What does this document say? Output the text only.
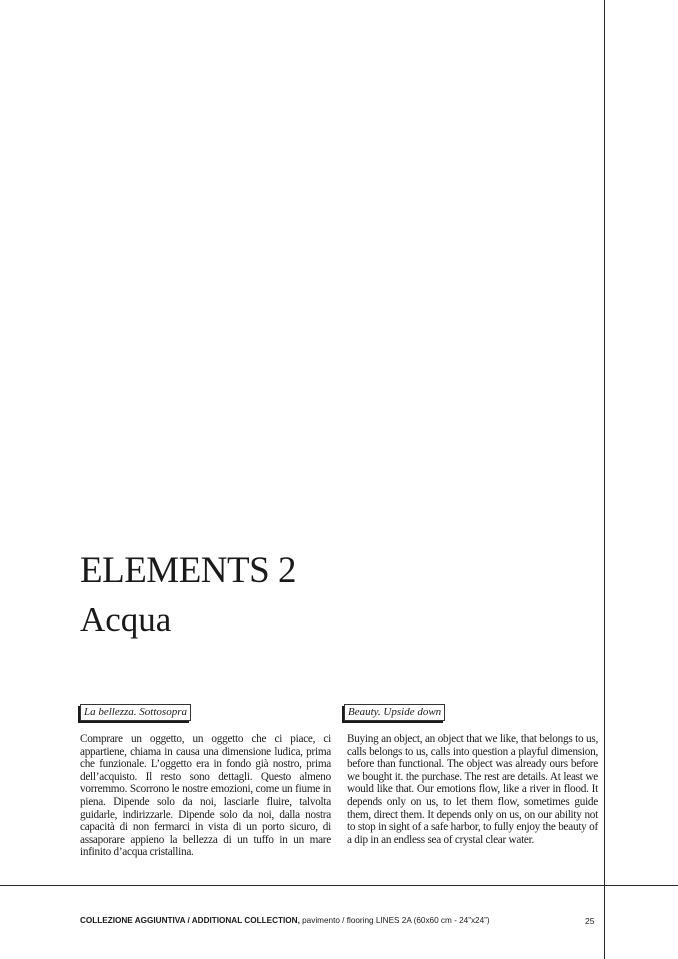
ELEMENTS 2
Acqua
La bellezza. Sottosopra	Beauty. Upside down

Comprare un oggetto, un oggetto che ci piace, ci appartiene, chiama in causa una dimensione ludica, prima che funzionale. L’oggetto era in fondo già nostro, prima dell’acquisto. Il resto sono dettagli. Questo almeno vorremmo. Scorrono le nostre emozioni, come un fiume in piena. Dipende solo da noi, lasciarle fluire, talvolta guidarle, indirizzarle. Dipende solo da noi, dalla nostra capacità di non fermarci in vista di un porto sicuro, di assaporare appieno la bellezza di un tuffo in un mare infinito d’acqua cristallina.

Buying an object, an object that we like, that belongs to us, calls belongs to us, calls into question a playful dimension, before than functional. The object was already ours before we bought it. the purchase. The rest are details. At least we would like that. Our emotions flow, like a river in flood. It depends only on us, to let them flow, sometimes guide them, direct them. It depends only on us, on our ability not to stop in sight of a safe harbor, to fully enjoy the beauty of a dip in an endless sea of crystal clear water.

COLLEZIONE AGGIUNTIVA / ADDITIONAL COLLECTION, pavimento / flooring LINES 2A (60x60 cm - 24”x24”)	25
